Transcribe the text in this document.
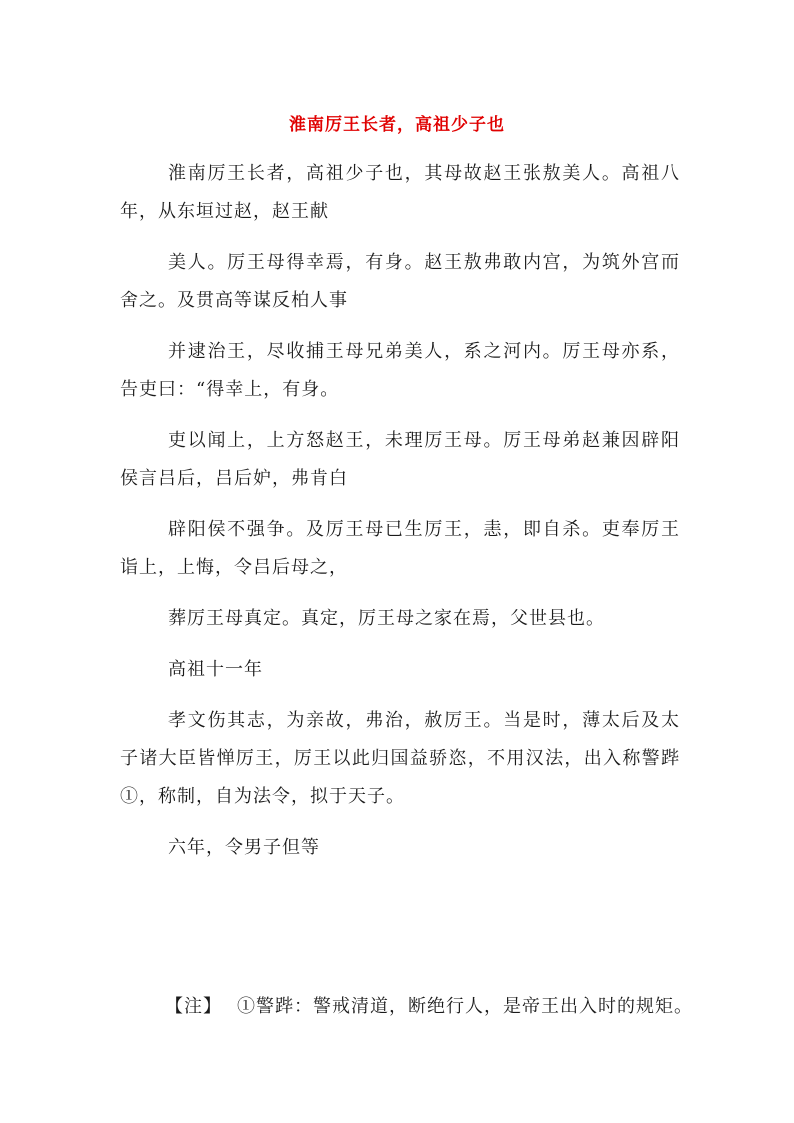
淮南厉王长者，高祖少子也

淮南厉王长者，高祖少子也，其母故赵王张敖美人。高祖八年，从东垣过赵，赵王献

美人。厉王母得幸焉，有身。赵王敖弗敢内宫，为筑外宫而舍之。及贯高等谋反柏人事

并逮治王，尽收捕王母兄弟美人，系之河内。厉王母亦系，告吏曰：“得幸上，有身。

吏以闻上，上方怒赵王，未理厉王母。厉王母弟赵兼因辟阳侯言吕后，吕后妒，弗肯白

辟阳侯不强争。及厉王母已生厉王，恚，即自杀。吏奉厉王诣上，上悔，令吕后母之，

葬厉王母真定。真定，厉王母之家在焉，父世县也。

高祖十一年

孝文伤其志，为亲故，弗治，赦厉王。当是时，薄太后及太子诸大臣皆惮厉王，厉王以此归国益骄恣，不用汉法，出入称警跸①，称制，自为法令，拟于天子。

六年，令男子但等

【注】 ①警跸：警戒清道，断绝行人，是帝王出入时的规矩。
